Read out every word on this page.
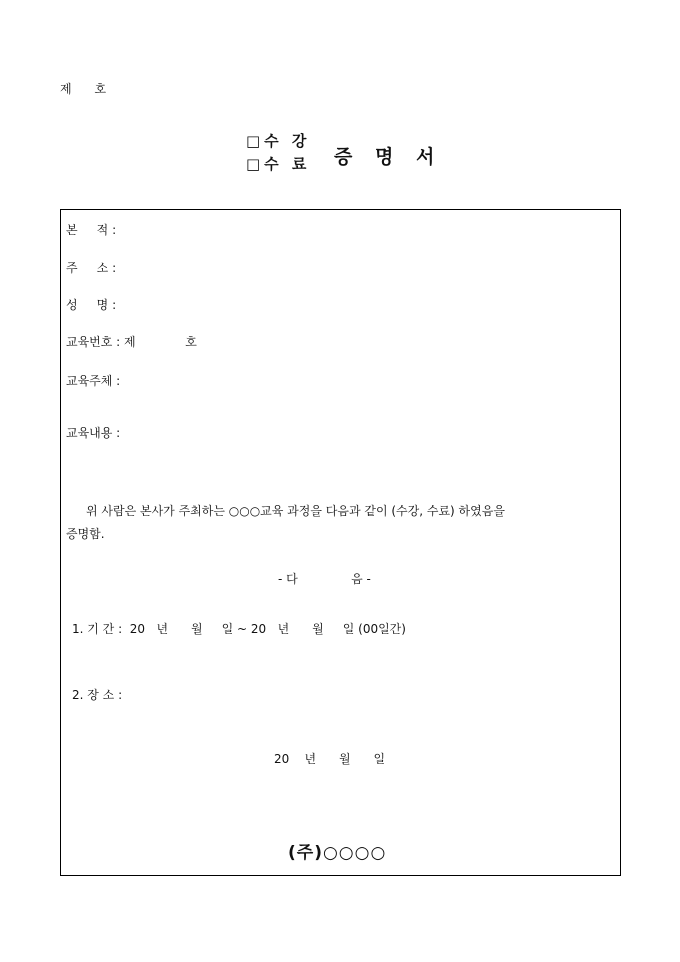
제      호
□수 강
□수 료 증 명 서
본     적 :
주     소 :
성     명 :
교육번호 : 제             호
교육주체 :
교육내용 :
위 사람은 본사가 주최하는 ○○○교육 과정을 다음과 같이 (수강, 수료) 하였음을
증명함.
- 다              음 -
1. 기 간 :  20   년      월     일 ~ 20   년      월     일 (00일간)
2. 장 소 :
20    년      월      일
(주)○○○○
